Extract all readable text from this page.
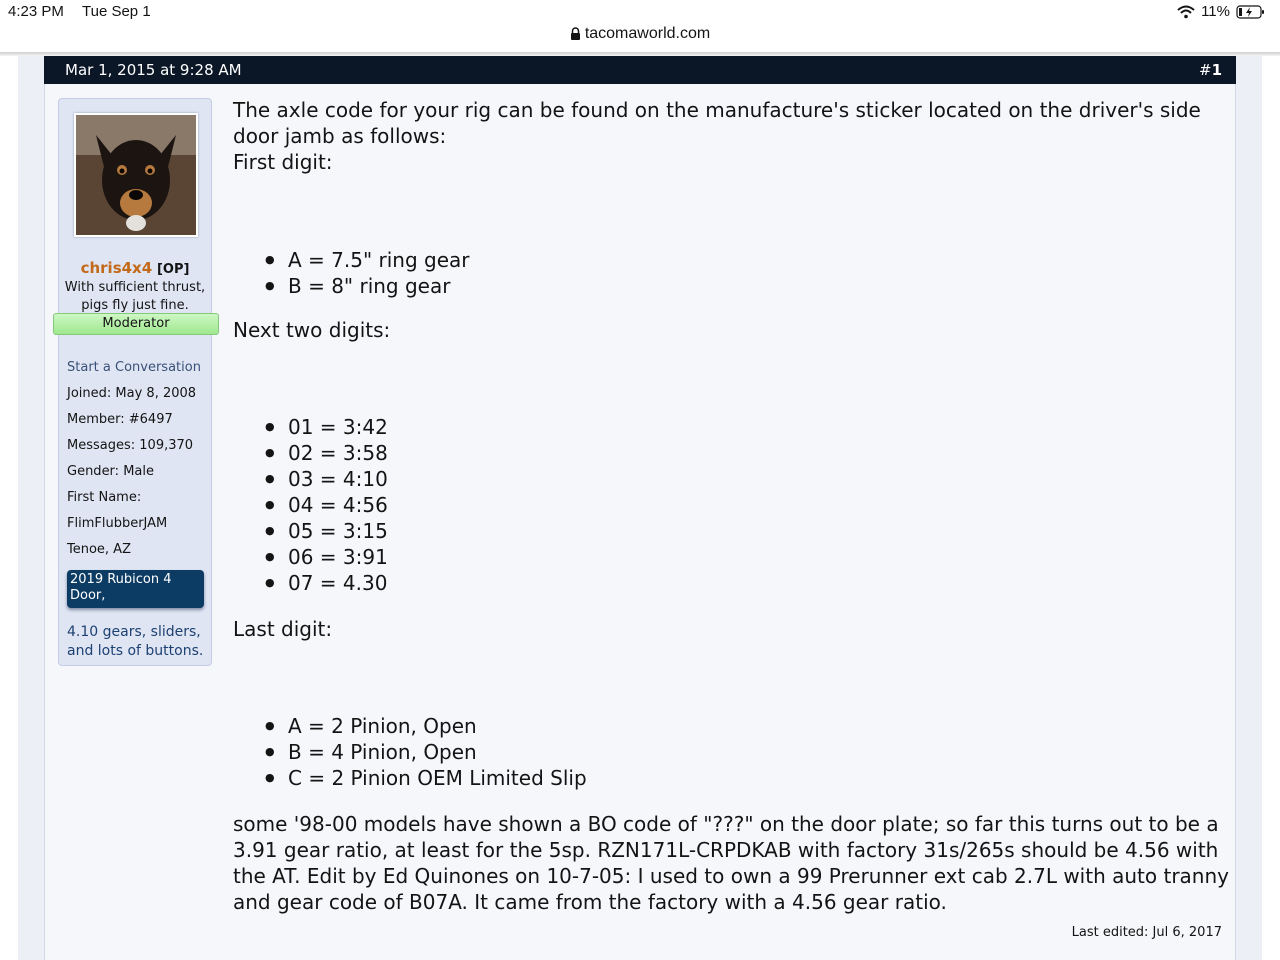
4:23 PM Tue Sep 1	11%
tacomaworld.com
Mar 1, 2015 at 9:28 AM	#1
chris4x4 [OP]
With sufficient thrust,
pigs fly just fine.
Moderator
Start a Conversation
Joined: May 8, 2008
Member: #6497
Messages: 109,370
Gender: Male
First Name:
FlimFlubberJAM
Tenoe, AZ
2019 Rubicon 4 Door,
4.10 gears, sliders, and lots of buttons.

The axle code for your rig can be found on the manufacture's sticker located on the driver's side door jamb as follows:

First digit:

● A = 7.5" ring gear
● B = 8" ring gear

Next two digits:

● 01 = 3:42
● 02 = 3:58
● 03 = 4:10
● 04 = 4:56
● 05 = 3:15
● 06 = 3:91
● 07 = 4.30

Last digit:

● A = 2 Pinion, Open
● B = 4 Pinion, Open
● C = 2 Pinion OEM Limited Slip

some '98-00 models have shown a BO code of "???" on the door plate; so far this turns out to be a 3.91 gear ratio, at least for the 5sp. RZN171L-CRPDKAB with factory 31s/265s should be 4.56 with the AT. Edit by Ed Quinones on 10-7-05: I used to own a 99 Prerunner ext cab 2.7L with auto tranny and gear code of B07A. It came from the factory with a 4.56 gear ratio.

Last edited: Jul 6, 2017
